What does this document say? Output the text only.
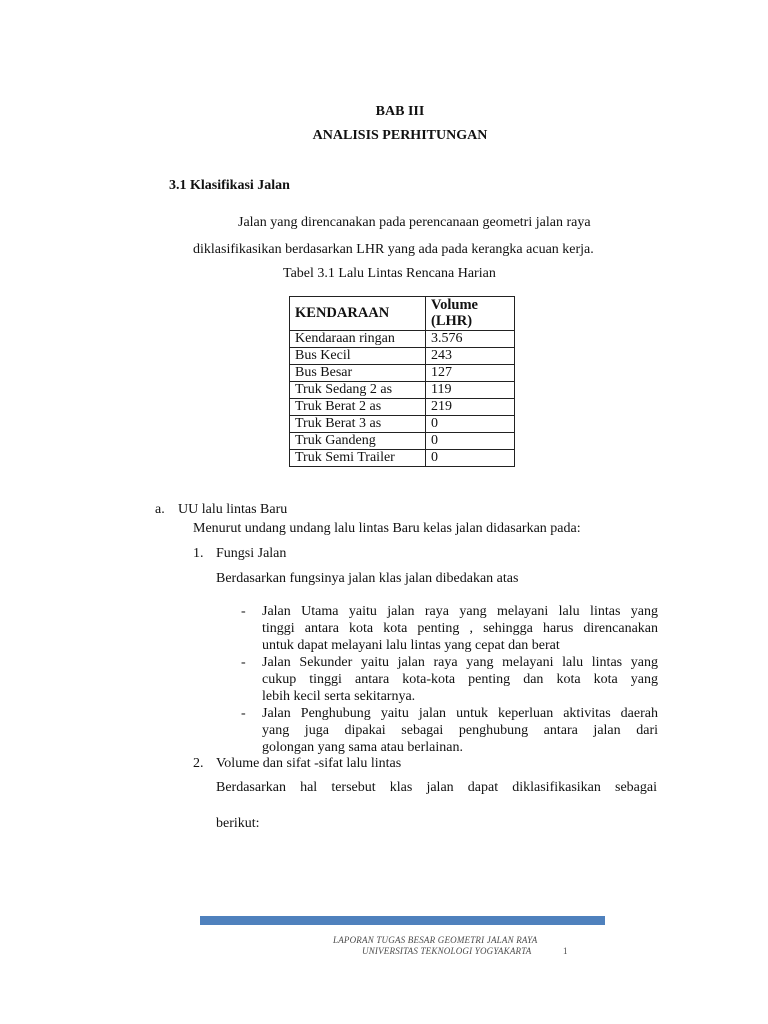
BAB III
ANALISIS PERHITUNGAN
3.1 Klasifikasi Jalan
Jalan yang direncanakan pada perencanaan geometri jalan raya
diklasifikasikan berdasarkan LHR yang ada pada kerangka acuan kerja.
Tabel 3.1 Lalu Lintas Rencana Harian
KENDARAAN	Volume
(LHR)

Kendaraan ringan	3.576
Bus Kecil	243
Bus Besar	127
Truk Sedang 2 as	119
Truk Berat 2 as	219
Truk Berat 3 as	0
Truk Gandeng	0
Truk Semi Trailer	0
a. UU lalu lintas Baru
Menurut undang undang lalu lintas Baru kelas jalan didasarkan pada:
1. Fungsi Jalan
Berdasarkan fungsinya jalan klas jalan dibedakan atas
- Jalan Utama yaitu jalan raya yang melayani lalu lintas yang
tinggi antara kota kota penting , sehingga harus direncanakan
untuk dapat melayani lalu lintas yang cepat dan berat
- Jalan Sekunder yaitu jalan raya yang melayani lalu lintas yang
cukup tinggi antara kota-kota penting dan kota kota yang
lebih kecil serta sekitarnya.
- Jalan Penghubung yaitu jalan untuk keperluan aktivitas daerah
yang juga dipakai sebagai penghubung antara jalan dari
golongan yang sama atau berlainan.
2. Volume dan sifat -sifat lalu lintas
Berdasarkan hal tersebut klas jalan dapat diklasifikasikan sebagai
berikut:
LAPORAN TUGAS BESAR GEOMETRI JALAN RAYA
UNIVERSITAS TEKNOLOGI YOGYAKARTA	1
